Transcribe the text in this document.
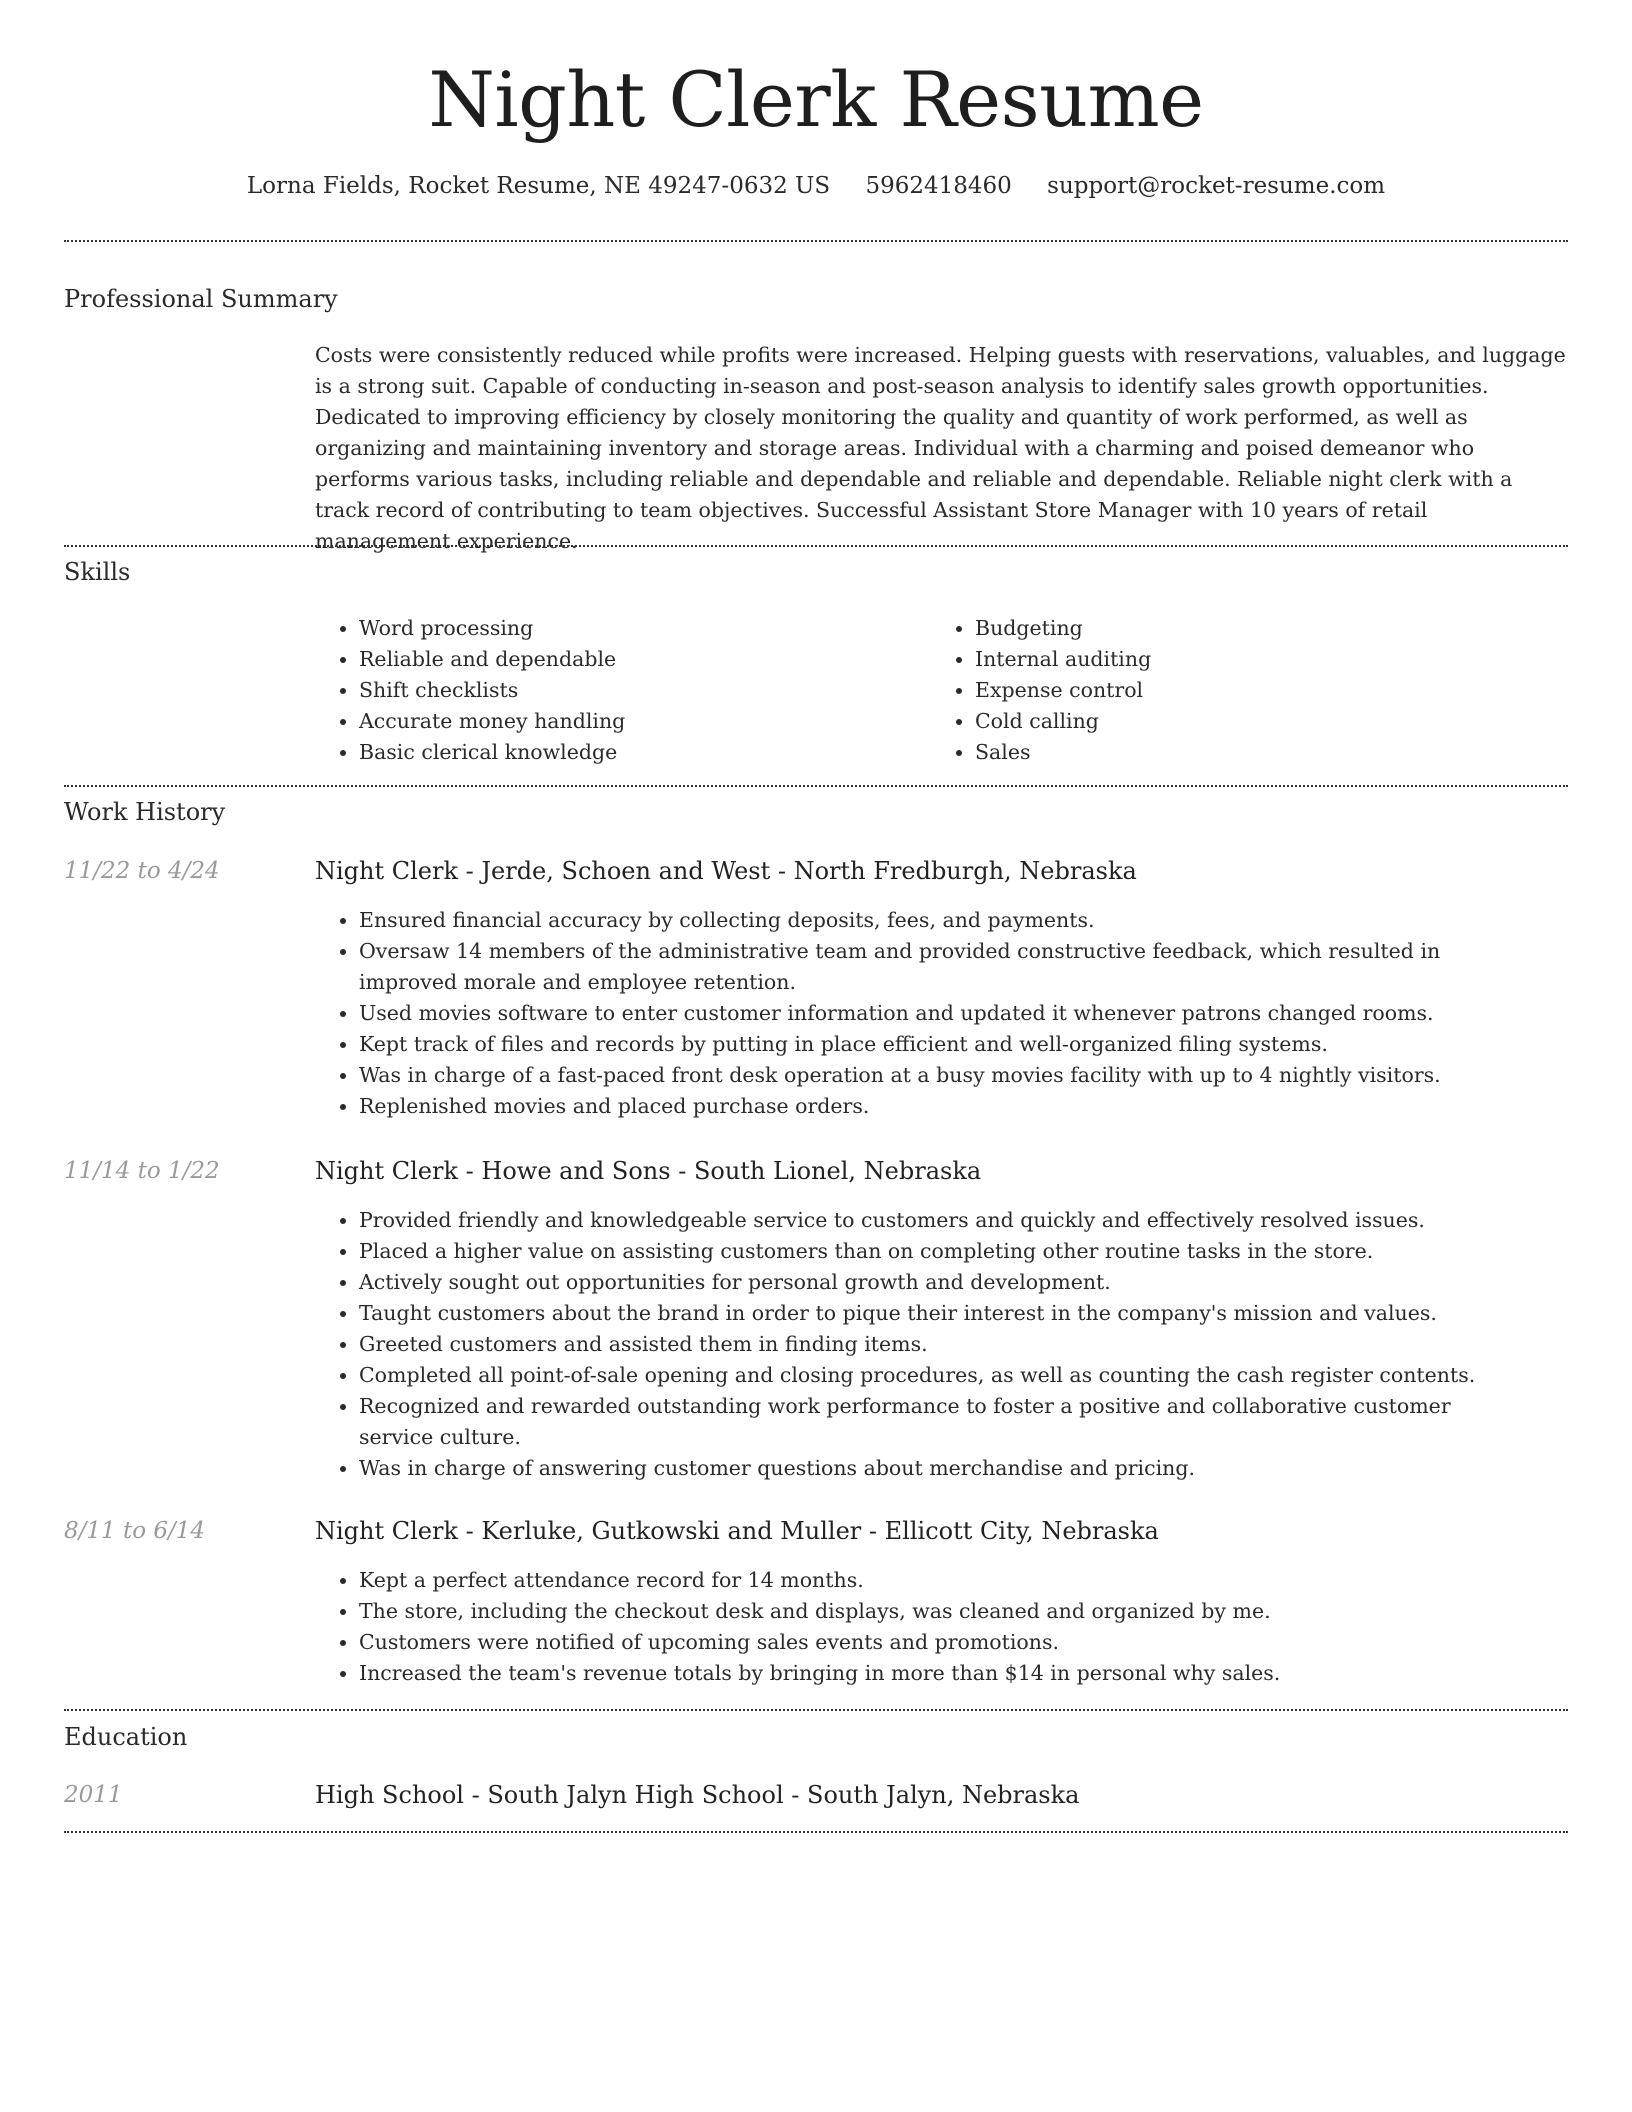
Night Clerk Resume
Lorna Fields, Rocket Resume, NE 49247-0632 US 5962418460 support@rocket-resume.com
Professional Summary

Costs were consistently reduced while profits were increased. Helping guests with reservations, valuables, and luggage is a strong suit. Capable of conducting in-season and post-season analysis to identify sales growth opportunities. Dedicated to improving efficiency by closely monitoring the quality and quantity of work performed, as well as organizing and maintaining inventory and storage areas. Individual with a charming and poised demeanor who performs various tasks, including reliable and dependable and reliable and dependable. Reliable night clerk with a track record of contributing to team objectives. Successful Assistant Store Manager with 10 years of retail management experience.

Skills
• Word processing
• Reliable and dependable
• Shift checklists
• Accurate money handling
• Basic clerical knowledge
• Budgeting
• Internal auditing
• Expense control
• Cold calling
• Sales
Work History
11/22 to 4/24	Night Clerk - Jerde, Schoen and West - North Fredburgh, Nebraska
• Ensured financial accuracy by collecting deposits, fees, and payments.
• Oversaw 14 members of the administrative team and provided constructive feedback, which resulted in improved morale and employee retention.
• Used movies software to enter customer information and updated it whenever patrons changed rooms.
• Kept track of files and records by putting in place efficient and well-organized filing systems.
• Was in charge of a fast-paced front desk operation at a busy movies facility with up to 4 nightly visitors.
• Replenished movies and placed purchase orders.
11/14 to 1/22	Night Clerk - Howe and Sons - South Lionel, Nebraska
• Provided friendly and knowledgeable service to customers and quickly and effectively resolved issues.
• Placed a higher value on assisting customers than on completing other routine tasks in the store.
• Actively sought out opportunities for personal growth and development.
• Taught customers about the brand in order to pique their interest in the company's mission and values.
• Greeted customers and assisted them in finding items.
• Completed all point-of-sale opening and closing procedures, as well as counting the cash register contents.
• Recognized and rewarded outstanding work performance to foster a positive and collaborative customer service culture.
• Was in charge of answering customer questions about merchandise and pricing.
8/11 to 6/14	Night Clerk - Kerluke, Gutkowski and Muller - Ellicott City, Nebraska
• Kept a perfect attendance record for 14 months.
• The store, including the checkout desk and displays, was cleaned and organized by me.
• Customers were notified of upcoming sales events and promotions.
• Increased the team's revenue totals by bringing in more than $14 in personal why sales.
Education
2011	High School - South Jalyn High School - South Jalyn, Nebraska
